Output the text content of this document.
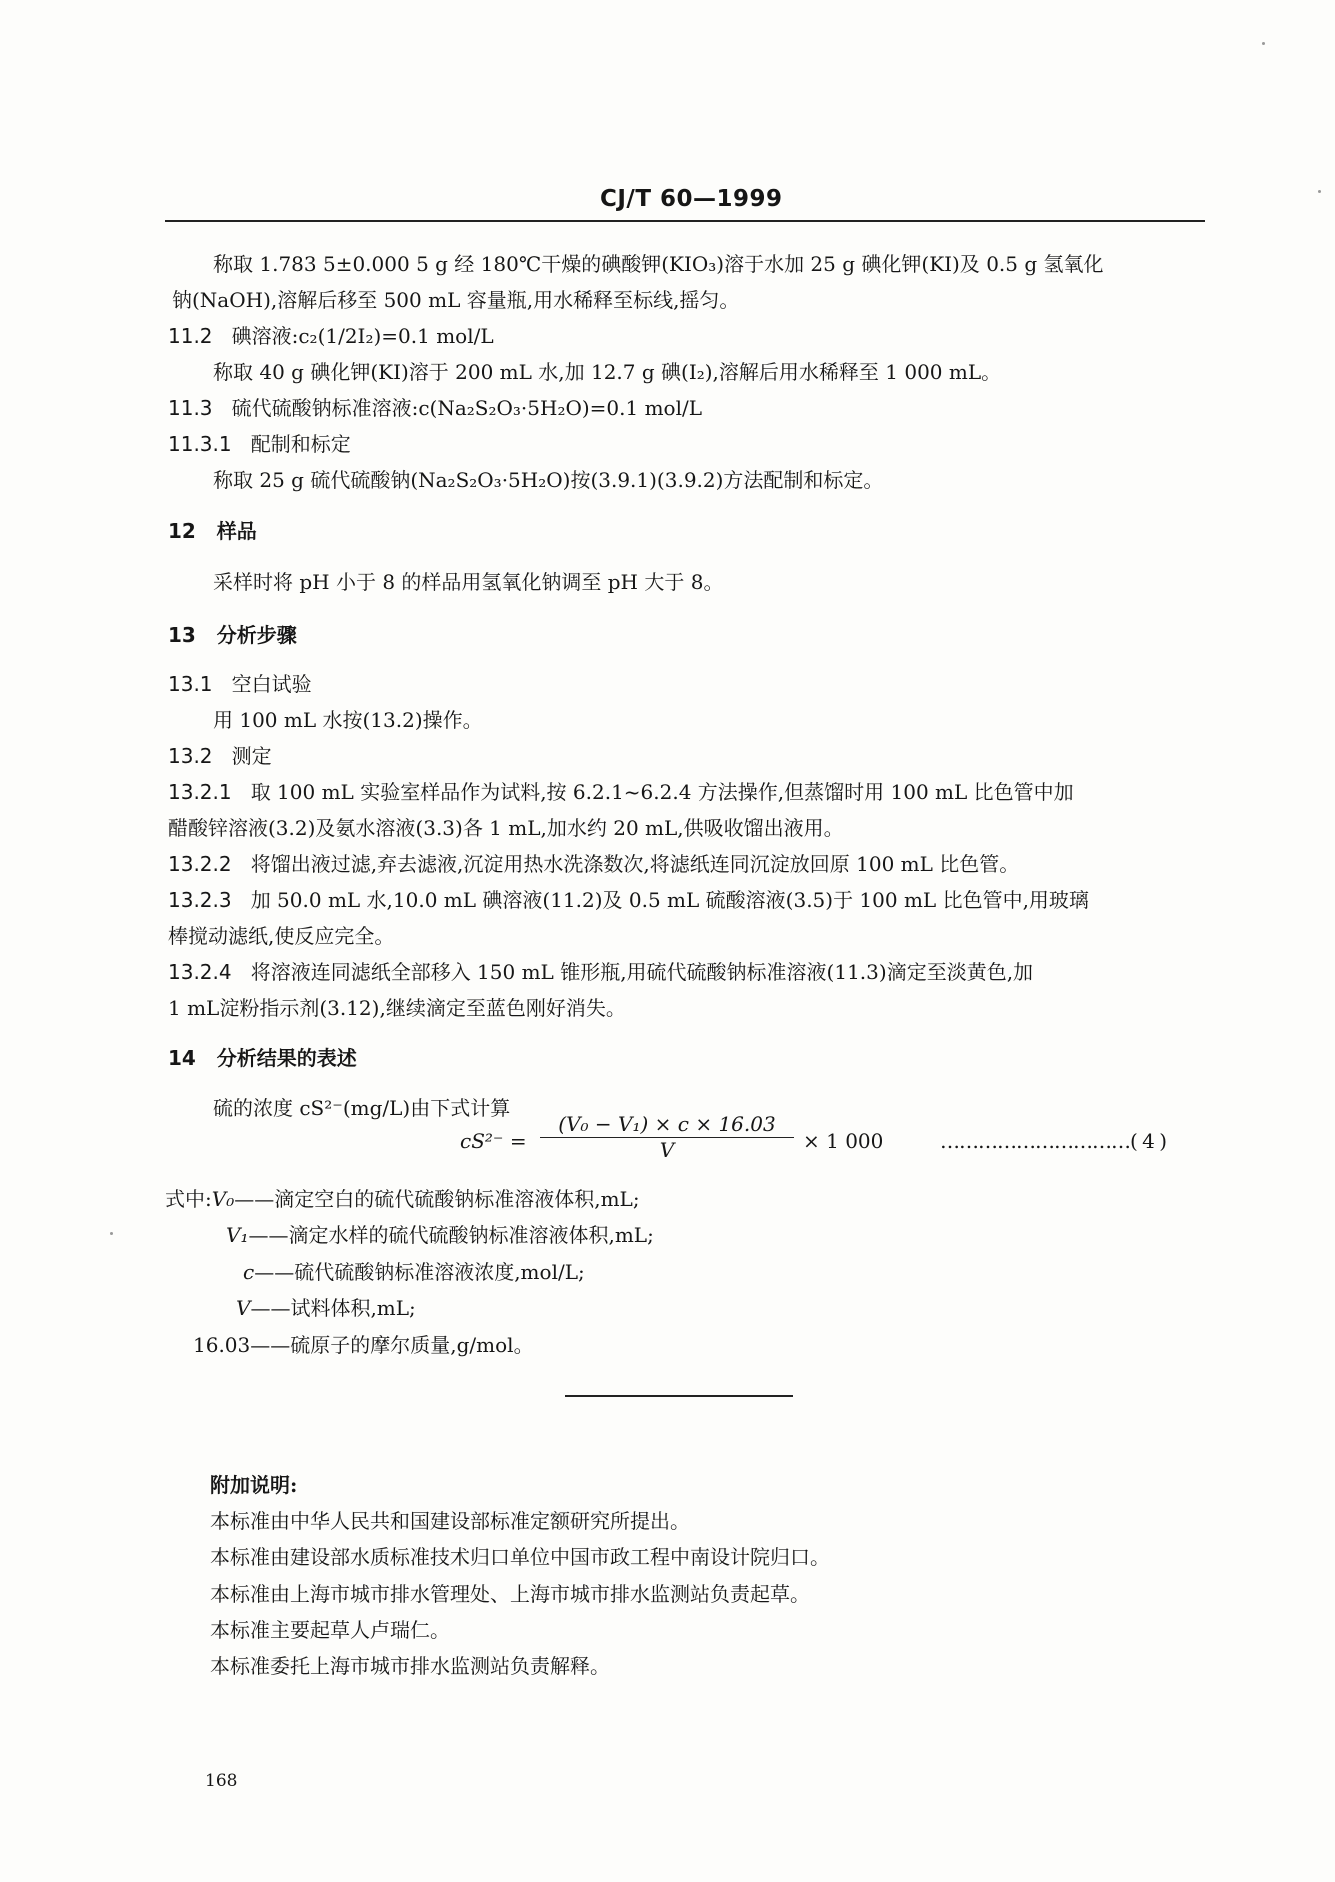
CJ/T 60—1999
称取 1.783 5±0.000 5 g 经 180℃干燥的碘酸钾(KIO₃)溶于水加 25 g 碘化钾(KI)及 0.5 g 氢氧化
钠(NaOH),溶解后移至 500 mL 容量瓶,用水稀释至标线,摇匀。
11.2 碘溶液:c₂(1/2I₂)=0.1 mol/L
称取 40 g 碘化钾(KI)溶于 200 mL 水,加 12.7 g 碘(I₂),溶解后用水稀释至 1 000 mL。
11.3 硫代硫酸钠标准溶液:c(Na₂S₂O₃·5H₂O)=0.1 mol/L
11.3.1 配制和标定
称取 25 g 硫代硫酸钠(Na₂S₂O₃·5H₂O)按(3.9.1)(3.9.2)方法配制和标定。
12 样品
采样时将 pH 小于 8 的样品用氢氧化钠调至 pH 大于 8。
13 分析步骤
13.1 空白试验
用 100 mL 水按(13.2)操作。
13.2 测定
13.2.1 取 100 mL 实验室样品作为试料,按 6.2.1~6.2.4 方法操作,但蒸馏时用 100 mL 比色管中加
醋酸锌溶液(3.2)及氨水溶液(3.3)各 1 mL,加水约 20 mL,供吸收馏出液用。
13.2.2 将馏出液过滤,弃去滤液,沉淀用热水洗涤数次,将滤纸连同沉淀放回原 100 mL 比色管。
13.2.3 加 50.0 mL 水,10.0 mL 碘溶液(11.2)及 0.5 mL 硫酸溶液(3.5)于 100 mL 比色管中,用玻璃
棒搅动滤纸,使反应完全。
13.2.4 将溶液连同滤纸全部移入 150 mL 锥形瓶,用硫代硫酸钠标准溶液(11.3)滴定至淡黄色,加
1 mL淀粉指示剂(3.12),继续滴定至蓝色刚好消失。
14 分析结果的表述
硫的浓度 cS²⁻(mg/L)由下式计算
$cS^{2-} = \frac{\text{(V₀ − V₁) × c × 16.03}}{V} \times 1$ 000	…………………………( 4 )
式中:V₀——滴定空白的硫代硫酸钠标准溶液体积,mL;
V₁——滴定水样的硫代硫酸钠标准溶液体积,mL;
c——硫代硫酸钠标准溶液浓度,mol/L;
V——试料体积,mL;
16.03——硫原子的摩尔质量,g/mol。
附加说明:
本标准由中华人民共和国建设部标准定额研究所提出。
本标准由建设部水质标准技术归口单位中国市政工程中南设计院归口。
本标准由上海市城市排水管理处、上海市城市排水监测站负责起草。
本标准主要起草人卢瑞仁。
本标准委托上海市城市排水监测站负责解释。
168
